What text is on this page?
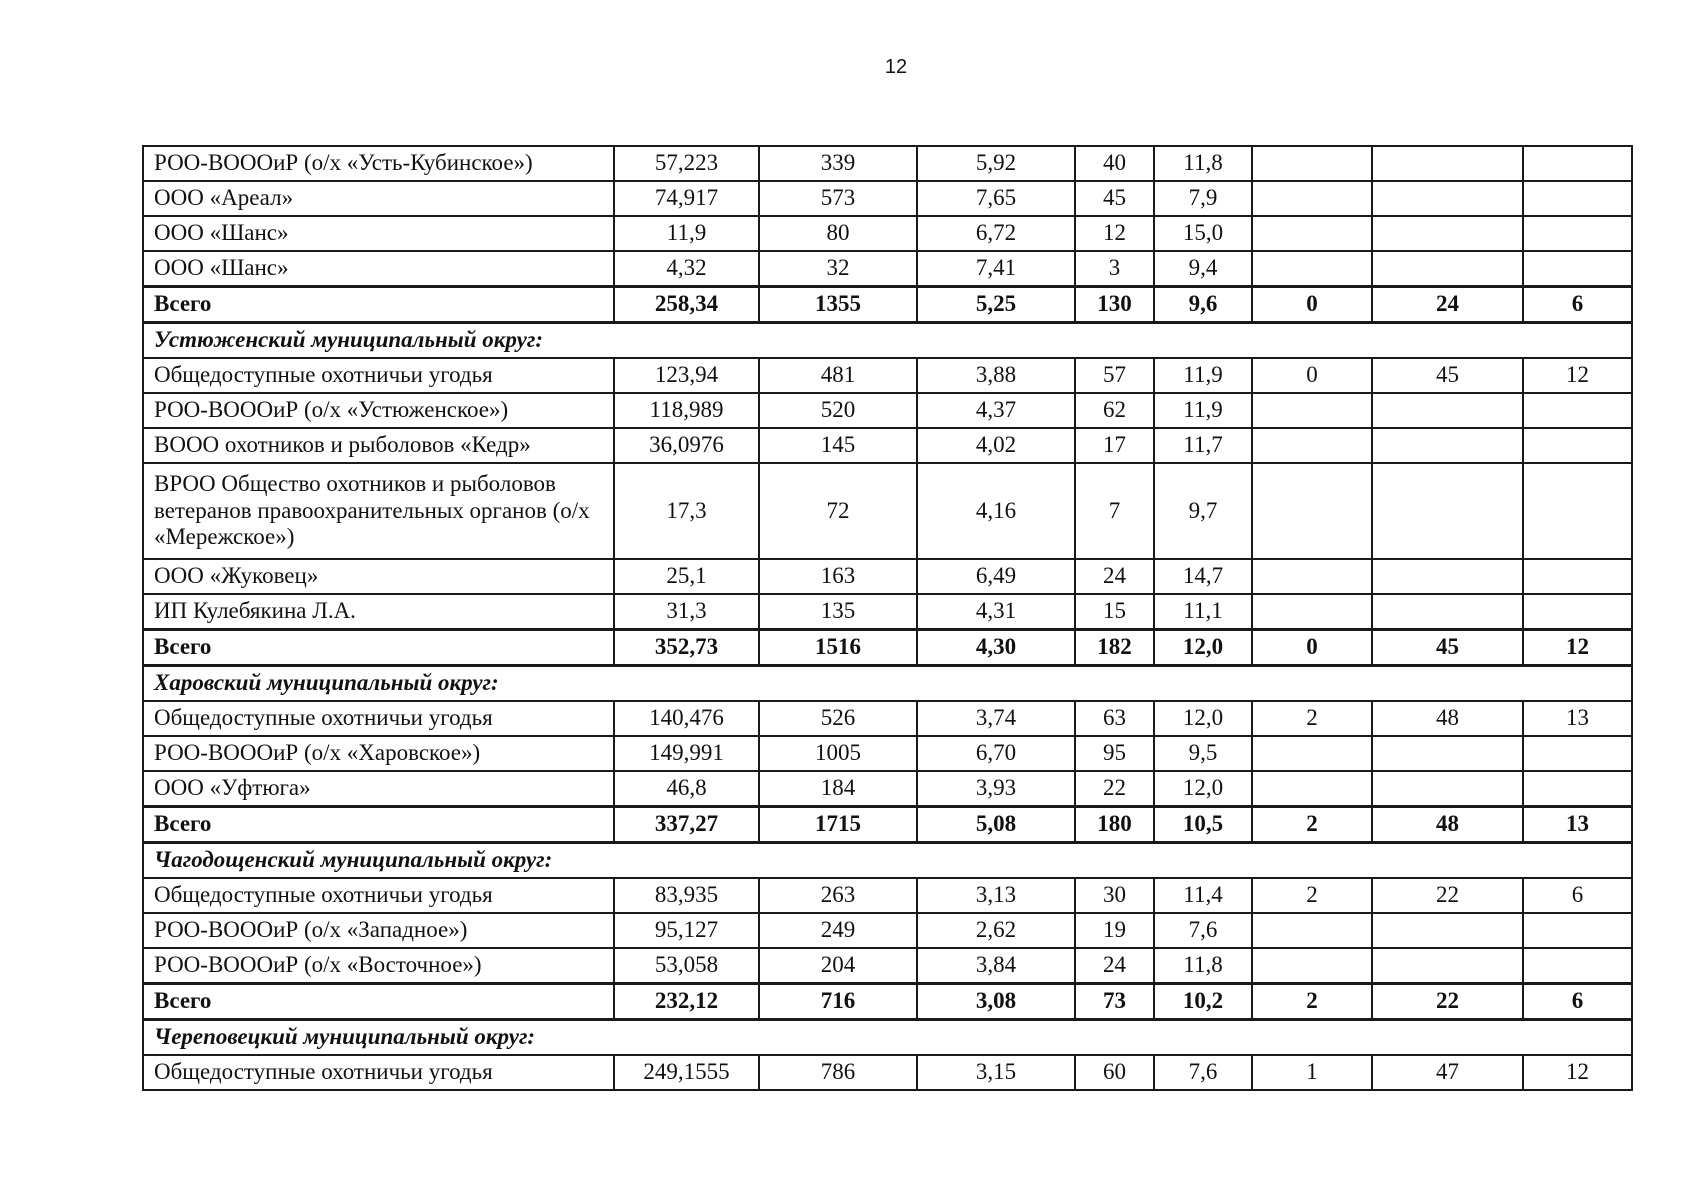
12
РОО-ВОООиР (о/х «Усть-Кубинское»)	57,223	339	5,92	40	11,8			
ООО «Ареал»	74,917	573	7,65	45	7,9			
ООО «Шанс»	11,9	80	6,72	12	15,0			
ООО «Шанс»	4,32	32	7,41	3	9,4			
Всего	258,34	1355	5,25	130	9,6	0	24	6
Устюженский муниципальный округ:								
Общедоступные охотничьи угодья	123,94	481	3,88	57	11,9	0	45	12
РОО-ВОООиР (о/х «Устюженское»)	118,989	520	4,37	62	11,9			
ВООО охотников и рыболовов «Кедр»	36,0976	145	4,02	17	11,7			
ВРОО Общество охотников и рыболовов ветеранов правоохранительных органов (о/х «Мережское»)	17,3	72	4,16	7	9,7			
ООО «Жуковец»	25,1	163	6,49	24	14,7			
ИП Кулебякина Л.А.	31,3	135	4,31	15	11,1			
Всего	352,73	1516	4,30	182	12,0	0	45	12
Харовский муниципальный округ:								
Общедоступные охотничьи угодья	140,476	526	3,74	63	12,0	2	48	13
РОО-ВОООиР (о/х «Харовское»)	149,991	1005	6,70	95	9,5			
ООО «Уфтюга»	46,8	184	3,93	22	12,0			
Всего	337,27	1715	5,08	180	10,5	2	48	13
Чагодощенский муниципальный округ:								
Общедоступные охотничьи угодья	83,935	263	3,13	30	11,4	2	22	6
РОО-ВОООиР (о/х «Западное»)	95,127	249	2,62	19	7,6			
РОО-ВОООиР (о/х «Восточное»)	53,058	204	3,84	24	11,8			
Всего	232,12	716	3,08	73	10,2	2	22	6
Череповецкий муниципальный округ:								
Общедоступные охотничьи угодья	249,1555	786	3,15	60	7,6	1	47	12
